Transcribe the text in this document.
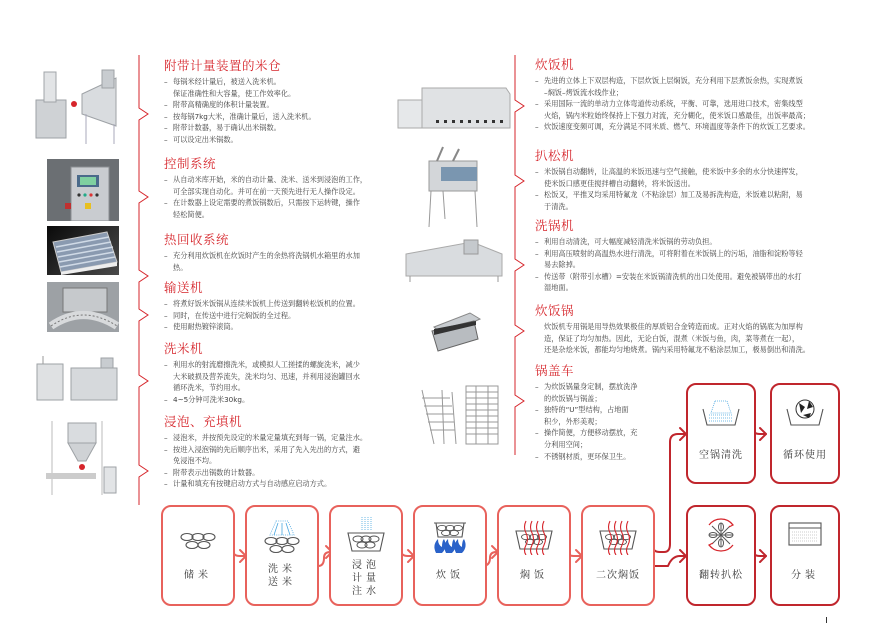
附带计量装置的米仓
– 每锅米经计量后，被送入洗米机。
保证准确性和大容量，使工作效率化。
– 附带高精确度的体积计量装置。
– 按每锅7kg大米，准确计量后，送入洗米机。
– 附带计数器，易于确认出米锅数。
– 可以设定出米锅数。
控制系统
– 从自动米库开始，米的自动计量、洗米、送米到浸泡的工作，
可全部实现自动化。并可在前一天预先进行无人操作设定。
– 在计数器上设定需要的煮饭锅数后，只需按下运转键，操作
轻松简便。
热回收系统
– 充分利用炊饭机在炊饭时产生的余热将洗锅机水箱里的水加
热。
输送机
– 将煮好饭米饭锅从连续米饭机上传送到翻转松饭机的位置。
– 同时，在传送中进行完焖饭的全过程。
– 使用耐热镀锌滚筒。
洗米机
– 利用水的射流磨擦洗米，或模拟人工搓揉的螺旋洗米，减少
大米破损及营养流失，洗米均匀、迅速，并利用浸泡罐回水
循环洗米，节约用水。
– 4~5分钟可洗米30kg。
浸泡、充填机
– 浸泡米，并按预先设定的米量定量填充到每一锅，定量注水。
– 按进入浸泡锅的先后顺序出米，采用了先入先出的方式，避
免浸泡不均。
– 附带表示出锅数的计数器。
– 计量和填充有按键启动方式与自动感应启动方式。
炊饭机
– 先进的立体上下双层构造，下层炊饭上层焖饭，充分利用下层煮饭余热，实现煮饭
–焖饭–烤饭流水线作业；
– 采用国际一流的单动力立体弯道传动系统，平衡、可靠，选用进口技术，密集线型
火焰，锅内米粒始终保持上下强力对流，充分糊化，使米饭口感最佳，出饭率最高；
– 炊饭速度变频可调，充分满足不同米质、燃气、环境温度等条件下的炊饭工艺要求。
扒松机
– 米饭锅自动翻转，让高温的米饭迅速与空气接触，使米饭中多余的水分快速挥发，
使米饭口感更佳搅拌槽自动翻转，将米饭送出。
– 松饭叉，平推叉均采用特氟龙（不粘涂层）加工及易拆洗构造，米饭难以粘附，易
于清洗。
洗锅机
– 利用自动清洗，可大幅度减轻清洗米饭锅的劳动负担。
– 利用高压喷射的高温热水进行清洗，可将附着在米饭锅上的污垢，油脂和淀粉等轻
易去除掉。
– 传送带（附带引水槽）=安装在米饭锅清洗机的出口处使用。避免被锅带出的水打
湿地面。
炊饭锅
炊饭机专用锅是用导热效果极佳的厚质铝合金铸造而成。正对火焰的锅底为加厚构
造，保证了均匀加热。因此，无论白饭，混煮（米饭与鱼，肉，菜等煮在一起），
还是杂烩米饭，都能均匀地烧煮。锅内采用特氟龙不粘涂层加工，极易倒出和清洗。
锅盖车
– 为炊饭锅量身定制，摆放洗净
的炊饭锅与锅盖；
– 独特的“U”型结构，占地面
积少，外形美观；
– 操作简便，方便移动摆放，充
分利用空间；
– 不锈钢材质，更环保卫生。
储米
洗米
送米
浸泡
计量
注水
炊饭	焖饭	二次焖饭	翻转扒松	分装
空锅清洗	循环使用
